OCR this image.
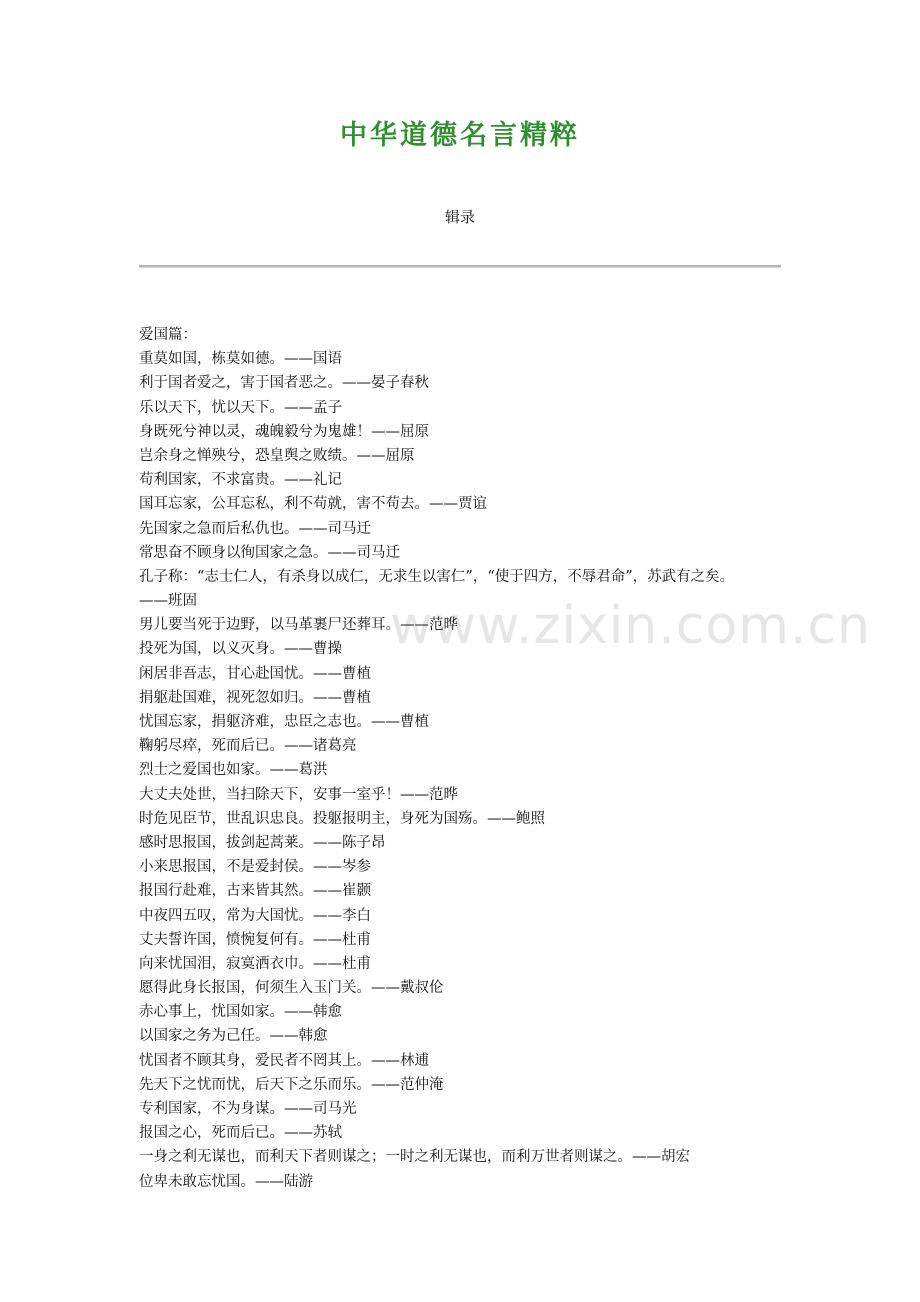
中华道德名言精粹
辑录
www.zixin.com.cn
爱国篇：
重莫如国，栋莫如德。——国语
利于国者爱之，害于国者恶之。——晏子春秋
乐以天下，忧以天下。——孟子
身既死兮神以灵，魂魄毅兮为鬼雄！——屈原
岂余身之惮殃兮，恐皇舆之败绩。——屈原
苟利国家，不求富贵。——礼记
国耳忘家，公耳忘私，利不苟就，害不苟去。——贾谊
先国家之急而后私仇也。——司马迁
常思奋不顾身以徇国家之急。——司马迁
孔子称：“志士仁人，有杀身以成仁，无求生以害仁”，“使于四方，不辱君命”，苏武有之矣。
——班固
男儿要当死于边野，以马革裹尸还葬耳。——范晔
投死为国，以义灭身。——曹操
闲居非吾志，甘心赴国忧。——曹植
捐躯赴国难，视死忽如归。——曹植
忧国忘家，捐躯济难，忠臣之志也。——曹植
鞠躬尽瘁，死而后已。——诸葛亮
烈士之爱国也如家。——葛洪
大丈夫处世，当扫除天下，安事一室乎！——范晔
时危见臣节，世乱识忠良。投躯报明主，身死为国殇。——鲍照
感时思报国，拔剑起蒿莱。——陈子昂
小来思报国，不是爱封侯。——岑参
报国行赴难，古来皆其然。——崔颢
中夜四五叹，常为大国忧。——李白
丈夫誓许国，愤惋复何有。——杜甫
向来忧国泪，寂寞洒衣巾。——杜甫
愿得此身长报国，何须生入玉门关。——戴叔伦
赤心事上，忧国如家。——韩愈
以国家之务为己任。——韩愈
忧国者不顾其身，爱民者不罔其上。——林逋
先天下之忧而忧，后天下之乐而乐。——范仲淹
专利国家，不为身谋。——司马光
报国之心，死而后已。——苏轼
一身之利无谋也，而利天下者则谋之；一时之利无谋也，而利万世者则谋之。——胡宏
位卑未敢忘忧国。——陆游
